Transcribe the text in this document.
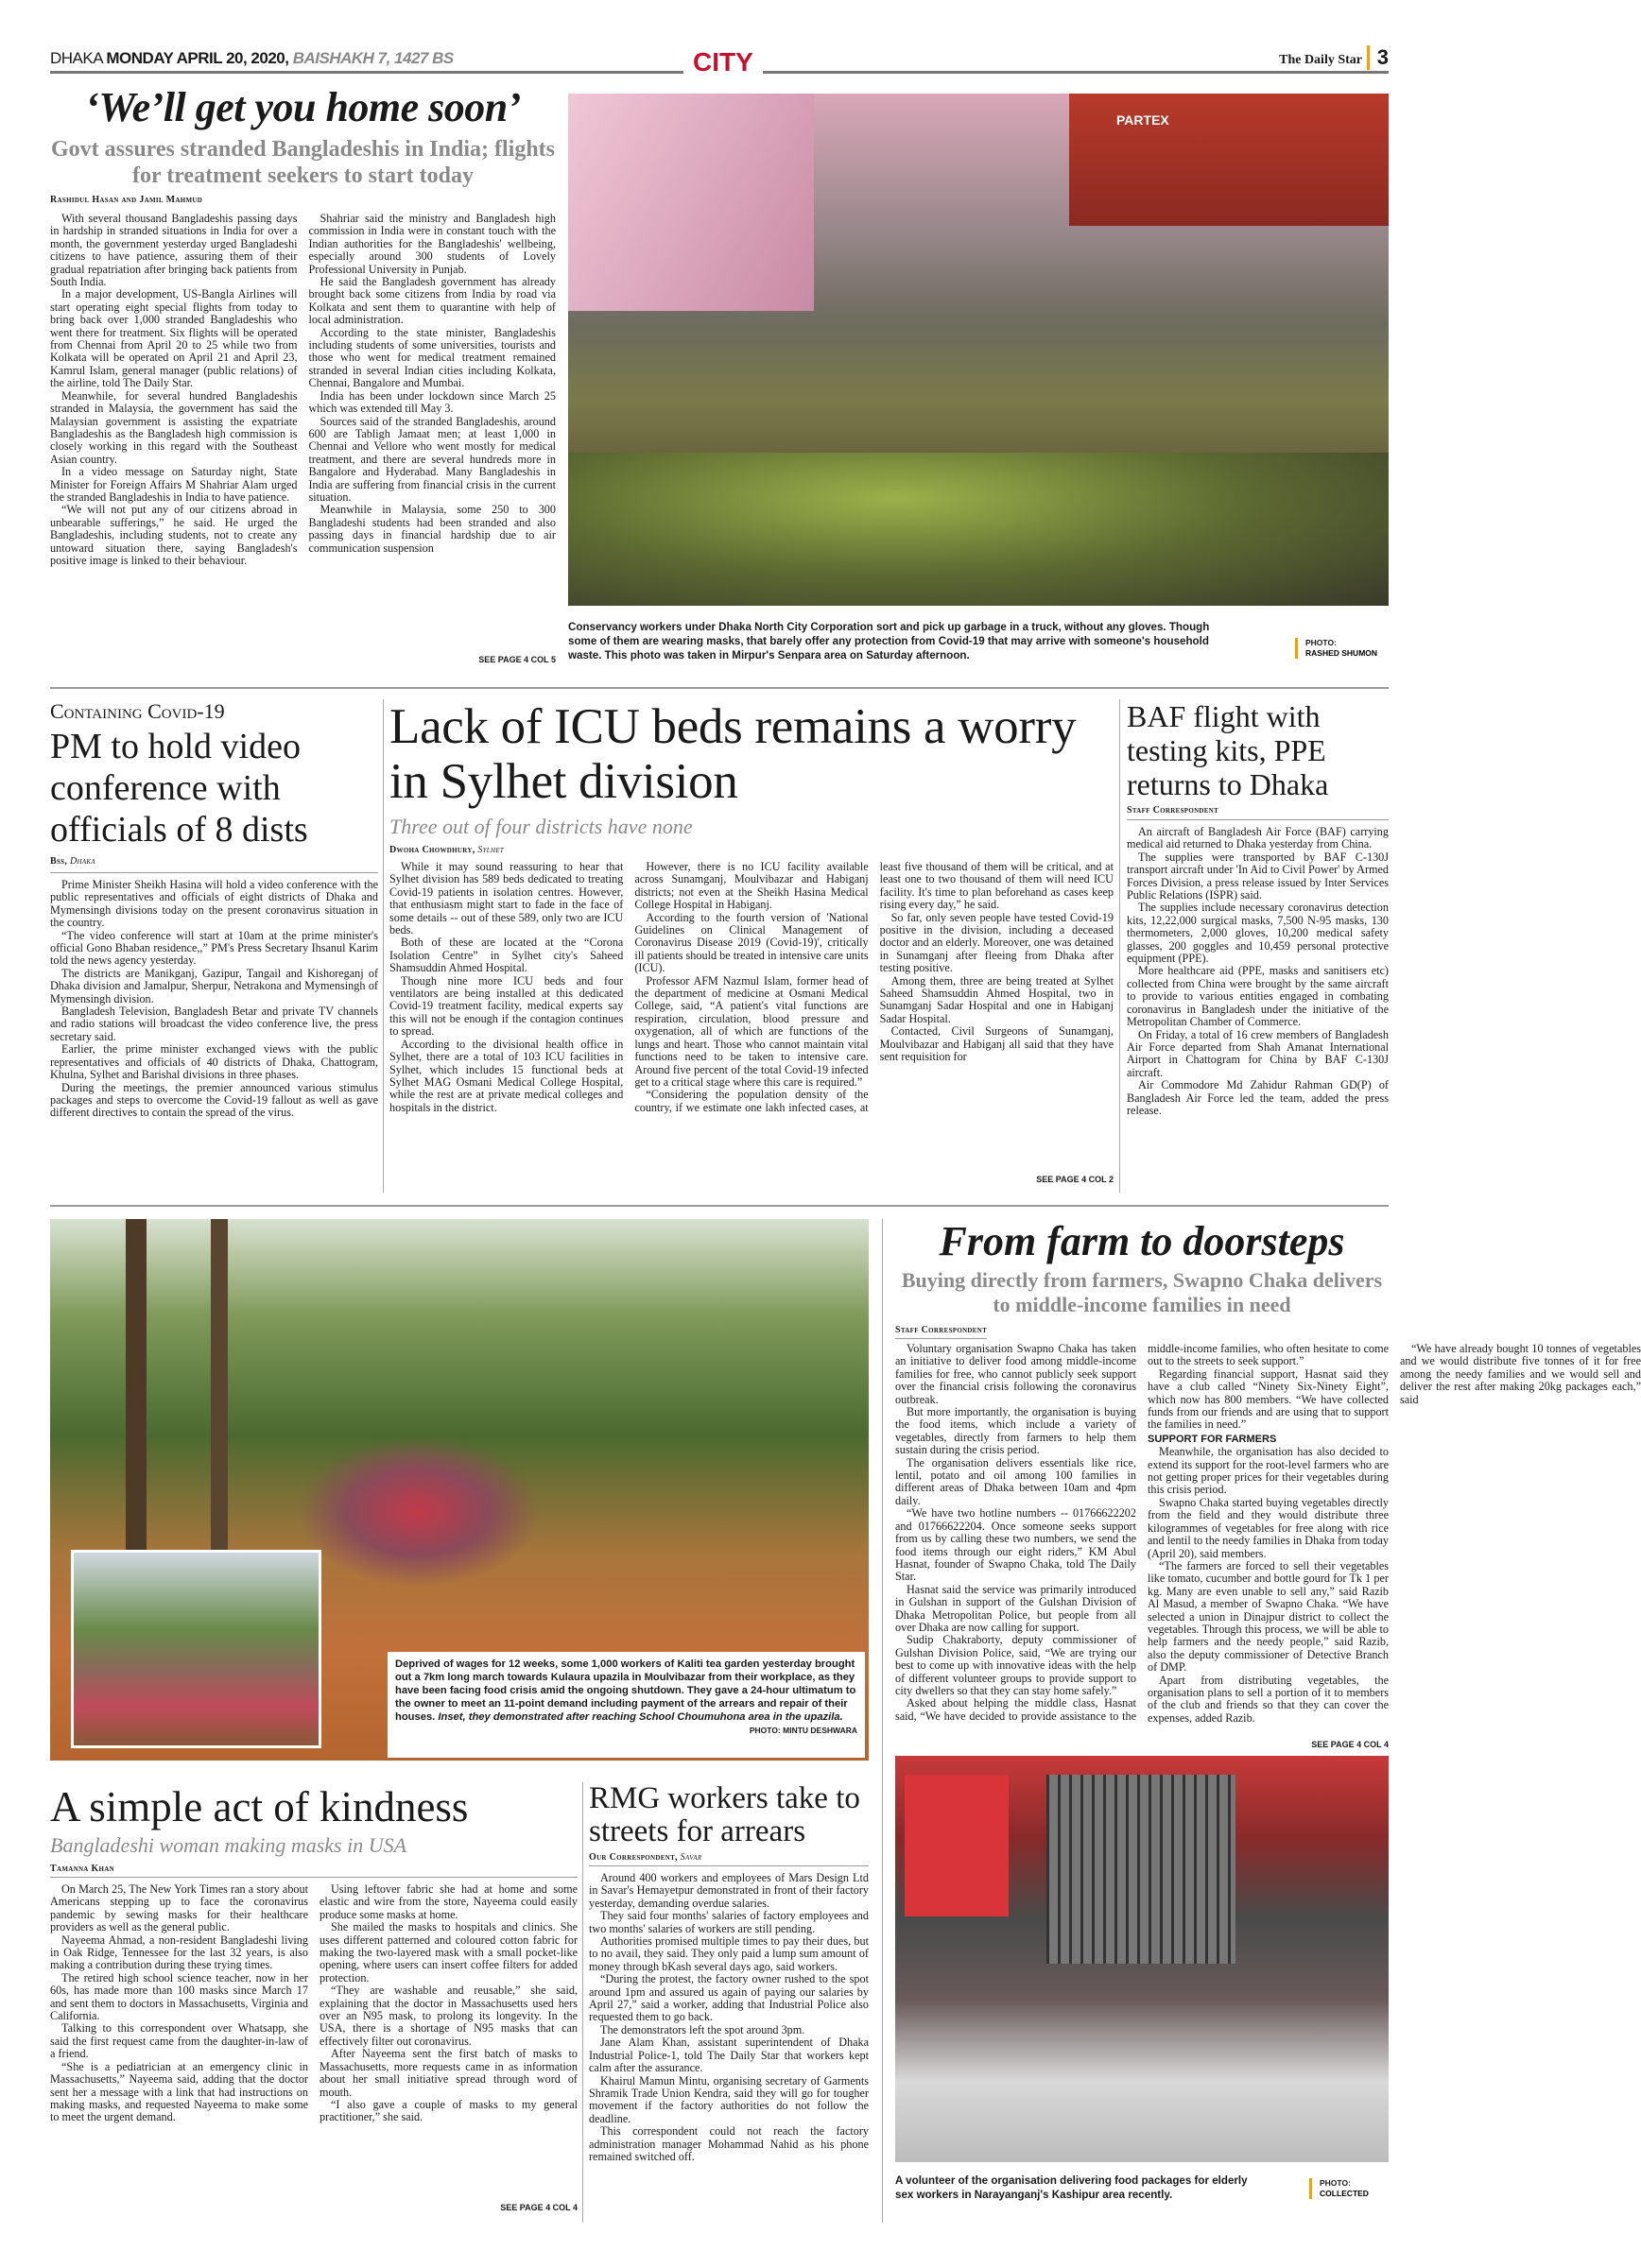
DHAKA MONDAY APRIL 20, 2020, BAISHAKH 7, 1427 BS	CITY	The Daily Star 3
‘We’ll get you home soon’
Govt assures stranded Bangladeshis in India; flights for treatment seekers to start today
Rashidul Hasan and Jamil Mahmud

With several thousand Bangladeshis passing days in hardship in stranded situations in India for over a month, the government yesterday urged Bangladeshi citizens to have patience, assuring them of their gradual repatriation after bringing back patients from South India.

In a major development, US-Bangla Airlines will start operating eight special flights from today to bring back over 1,000 stranded Bangladeshis who went there for treatment. Six flights will be operated from Chennai from April 20 to 25 while two from Kolkata will be operated on April 21 and April 23, Kamrul Islam, general manager (public relations) of the airline, told The Daily Star.

Meanwhile, for several hundred Bangladeshis stranded in Malaysia, the government has said the Malaysian government is assisting the expatriate Bangladeshis as the Bangladesh high commission is closely working in this regard with the Southeast Asian country.

In a video message on Saturday night, State Minister for Foreign Affairs M Shahriar Alam urged the stranded Bangladeshis in India to have patience.

“We will not put any of our citizens abroad in unbearable sufferings,” he said. He urged the Bangladeshis, including students, not to create any untoward situation there, saying Bangladesh's positive image is linked to their behaviour.

Shahriar said the ministry and Bangladesh high commission in India were in constant touch with the Indian authorities for the Bangladeshis' wellbeing, especially around 300 students of Lovely Professional University in Punjab.

He said the Bangladesh government has already brought back some citizens from India by road via Kolkata and sent them to quarantine with help of local administration.

According to the state minister, Bangladeshis including students of some universities, tourists and those who went for medical treatment remained stranded in several Indian cities including Kolkata, Chennai, Bangalore and Mumbai.

India has been under lockdown since March 25 which was extended till May 3.

Sources said of the stranded Bangladeshis, around 600 are Tabligh Jamaat men; at least 1,000 in Chennai and Vellore who went mostly for medical treatment, and there are several hundreds more in Bangalore and Hyderabad. Many Bangladeshis in India are suffering from financial crisis in the current situation.

Meanwhile in Malaysia, some 250 to 300 Bangladeshi students had been stranded and also passing days in financial hardship due to air communication suspension

SEE PAGE 4 COL 5
PARTEX
Conservancy workers under Dhaka North City Corporation sort and pick up garbage in a truck, without any gloves. Though some of them are wearing masks, that barely offer any protection from Covid-19 that may arrive with someone's household waste. This photo was taken in Mirpur's Senpara area on Saturday afternoon.
PHOTO:
RASHED SHUMON
Containing Covid-19
PM to hold video conference with officials of 8 dists
Bss, Dhaka

Prime Minister Sheikh Hasina will hold a video conference with the public representatives and officials of eight districts of Dhaka and Mymensingh divisions today on the present coronavirus situation in the country.

“The video conference will start at 10am at the prime minister's official Gono Bhaban residence,,” PM's Press Secretary Ihsanul Karim told the news agency yesterday.

The districts are Manikganj, Gazipur, Tangail and Kishoreganj of Dhaka division and Jamalpur, Sherpur, Netrakona and Mymensingh of Mymensingh division.

Bangladesh Television, Bangladesh Betar and private TV channels and radio stations will broadcast the video conference live, the press secretary said.

Earlier, the prime minister exchanged views with the public representatives and officials of 40 districts of Dhaka, Chattogram, Khulna, Sylhet and Barishal divisions in three phases.

During the meetings, the premier announced various stimulus packages and steps to overcome the Covid-19 fallout as well as gave different directives to contain the spread of the virus.

Lack of ICU beds remains a worry in Sylhet division
Three out of four districts have none
Dwoha Chowdhury, Sylhet

While it may sound reassuring to hear that Sylhet division has 589 beds dedicated to treating Covid-19 patients in isolation centres. However, that enthusiasm might start to fade in the face of some details -- out of these 589, only two are ICU beds.

Both of these are located at the “Corona Isolation Centre” in Sylhet city's Saheed Shamsuddin Ahmed Hospital.

Though nine more ICU beds and four ventilators are being installed at this dedicated Covid-19 treatment facility, medical experts say this will not be enough if the contagion continues to spread.

According to the divisional health office in Sylhet, there are a total of 103 ICU facilities in Sylhet, which includes 15 functional beds at Sylhet MAG Osmani Medical College Hospital, while the rest are at private medical colleges and hospitals in the district.

However, there is no ICU facility available across Sunamganj, Moulvibazar and Habiganj districts; not even at the Sheikh Hasina Medical College Hospital in Habiganj.

According to the fourth version of 'National Guidelines on Clinical Management of Coronavirus Disease 2019 (Covid-19)', critically ill patients should be treated in intensive care units (ICU).

Professor AFM Nazmul Islam, former head of the department of medicine at Osmani Medical College, said, “A patient's vital functions are respiration, circulation, blood pressure and oxygenation, all of which are functions of the lungs and heart. Those who cannot maintain vital functions need to be taken to intensive care. Around five percent of the total Covid-19 infected get to a critical stage where this care is required.”

“Considering the population density of the country, if we estimate one lakh infected cases, at least five thousand of them will be critical, and at least one to two thousand of them will need ICU facility. It's time to plan beforehand as cases keep rising every day,” he said.

So far, only seven people have tested Covid-19 positive in the division, including a deceased doctor and an elderly. Moreover, one was detained in Sunamganj after fleeing from Dhaka after testing positive.

Among them, three are being treated at Sylhet Saheed Shamsuddin Ahmed Hospital, two in Sunamganj Sadar Hospital and one in Habiganj Sadar Hospital.

Contacted, Civil Surgeons of Sunamganj, Moulvibazar and Habiganj all said that they have sent requisition for

SEE PAGE 4 COL 2
BAF flight with testing kits, PPE returns to Dhaka
Staff Correspondent

An aircraft of Bangladesh Air Force (BAF) carrying medical aid returned to Dhaka yesterday from China.

The supplies were transported by BAF C-130J transport aircraft under 'In Aid to Civil Power' by Armed Forces Division, a press release issued by Inter Services Public Relations (ISPR) said.

The supplies include necessary coronavirus detection kits, 12,22,000 surgical masks, 7,500 N-95 masks, 130 thermometers, 2,000 gloves, 10,200 medical safety glasses, 200 goggles and 10,459 personal protective equipment (PPE).

More healthcare aid (PPE, masks and sanitisers etc) collected from China were brought by the same aircraft to provide to various entities engaged in combating coronavirus in Bangladesh under the initiative of the Metropolitan Chamber of Commerce.

On Friday, a total of 16 crew members of Bangladesh Air Force departed from Shah Amanat International Airport in Chattogram for China by BAF C-130J aircraft.

Air Commodore Md Zahidur Rahman GD(P) of Bangladesh Air Force led the team, added the press release.

Deprived of wages for 12 weeks, some 1,000 workers of Kaliti tea garden yesterday brought out a 7km long march towards Kulaura upazila in Moulvibazar from their workplace, as they have been facing food crisis amid the ongoing shutdown. They gave a 24-hour ultimatum to the owner to meet an 11-point demand including payment of the arrears and repair of their houses. Inset, they demonstrated after reaching School Choumuhona area in the upazila.
PHOTO: MINTU DESHWARA
From farm to doorsteps
Buying directly from farmers, Swapno Chaka delivers to middle-income families in need
Staff Correspondent

Voluntary organisation Swapno Chaka has taken an initiative to deliver food among middle-income families for free, who cannot publicly seek support over the financial crisis following the coronavirus outbreak.

But more importantly, the organisation is buying the food items, which include a variety of vegetables, directly from farmers to help them sustain during the crisis period.

The organisation delivers essentials like rice, lentil, potato and oil among 100 families in different areas of Dhaka between 10am and 4pm daily.

“We have two hotline numbers -- 01766622202 and 01766622204. Once someone seeks support from us by calling these two numbers, we send the food items through our eight riders,” KM Abul Hasnat, founder of Swapno Chaka, told The Daily Star.

Hasnat said the service was primarily introduced in Gulshan in support of the Gulshan Division of Dhaka Metropolitan Police, but people from all over Dhaka are now calling for support.

Sudip Chakraborty, deputy commissioner of Gulshan Division Police, said, “We are trying our best to come up with innovative ideas with the help of different volunteer groups to provide support to city dwellers so that they can stay home safely.”

Asked about helping the middle class, Hasnat said, “We have decided to provide assistance to the middle-income families, who often hesitate to come out to the streets to seek support.”

Regarding financial support, Hasnat said they have a club called “Ninety Six-Ninety Eight”, which now has 800 members. “We have collected funds from our friends and are using that to support the families in need.”

SUPPORT FOR FARMERS

Meanwhile, the organisation has also decided to extend its support for the root-level farmers who are not getting proper prices for their vegetables during this crisis period.

Swapno Chaka started buying vegetables directly from the field and they would distribute three kilogrammes of vegetables for free along with rice and lentil to the needy families in Dhaka from today (April 20), said members.

“The farmers are forced to sell their vegetables like tomato, cucumber and bottle gourd for Tk 1 per kg. Many are even unable to sell any,” said Razib Al Masud, a member of Swapno Chaka. “We have selected a union in Dinajpur district to collect the vegetables. Through this process, we will be able to help farmers and the needy people,” said Razib, also the deputy commissioner of Detective Branch of DMP.

Apart from distributing vegetables, the organisation plans to sell a portion of it to members of the club and friends so that they can cover the expenses, added Razib.

“We have already bought 10 tonnes of vegetables and we would distribute five tonnes of it for free among the needy families and we would sell and deliver the rest after making 20kg packages each,” said

SEE PAGE 4 COL 4
A volunteer of the organisation delivering food packages for elderly sex workers in Narayanganj's Kashipur area recently.
PHOTO:
COLLECTED
A simple act of kindness
Bangladeshi woman making masks in USA
Tamanna Khan

On March 25, The New York Times ran a story about Americans stepping up to face the coronavirus pandemic by sewing masks for their healthcare providers as well as the general public.

Nayeema Ahmad, a non-resident Bangladeshi living in Oak Ridge, Tennessee for the last 32 years, is also making a contribution during these trying times.

The retired high school science teacher, now in her 60s, has made more than 100 masks since March 17 and sent them to doctors in Massachusetts, Virginia and California.

Talking to this correspondent over Whatsapp, she said the first request came from the daughter-in-law of a friend.

“She is a pediatrician at an emergency clinic in Massachusetts,” Nayeema said, adding that the doctor sent her a message with a link that had instructions on making masks, and requested Nayeema to make some to meet the urgent demand.

Using leftover fabric she had at home and some elastic and wire from the store, Nayeema could easily produce some masks at home.

She mailed the masks to hospitals and clinics. She uses different patterned and coloured cotton fabric for making the two-layered mask with a small pocket-like opening, where users can insert coffee filters for added protection.

“They are washable and reusable,” she said, explaining that the doctor in Massachusetts used hers over an N95 mask, to prolong its longevity. In the USA, there is a shortage of N95 masks that can effectively filter out coronavirus.

After Nayeema sent the first batch of masks to Massachusetts, more requests came in as information about her small initiative spread through word of mouth.

“I also gave a couple of masks to my general practitioner,” she said.

SEE PAGE 4 COL 4
RMG workers take to streets for arrears
Our Correspondent, Savar

Around 400 workers and employees of Mars Design Ltd in Savar's Hemayetpur demonstrated in front of their factory yesterday, demanding overdue salaries.

They said four months' salaries of factory employees and two months' salaries of workers are still pending.

Authorities promised multiple times to pay their dues, but to no avail, they said. They only paid a lump sum amount of money through bKash several days ago, said workers.

“During the protest, the factory owner rushed to the spot around 1pm and assured us again of paying our salaries by April 27,” said a worker, adding that Industrial Police also requested them to go back.

The demonstrators left the spot around 3pm.

Jane Alam Khan, assistant superintendent of Dhaka Industrial Police-1, told The Daily Star that workers kept calm after the assurance.

Khairul Mamun Mintu, organising secretary of Garments Shramik Trade Union Kendra, said they will go for tougher movement if the factory authorities do not follow the deadline.

This correspondent could not reach the factory administration manager Mohammad Nahid as his phone remained switched off.
